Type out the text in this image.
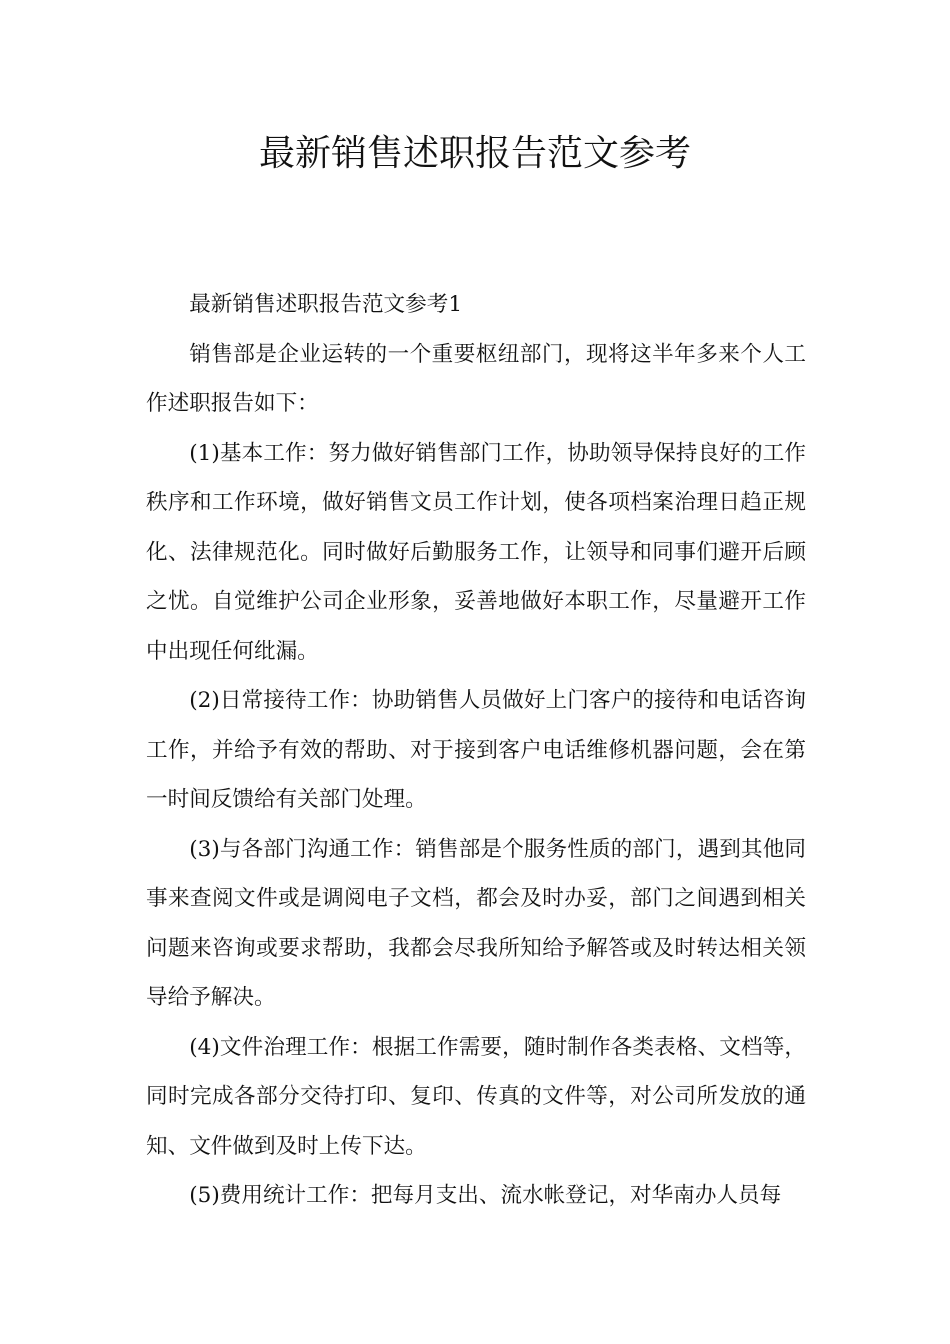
最新销售述职报告范文参考

最新销售述职报告范文参考1

销售部是企业运转的一个重要枢纽部门，现将这半年多来个人工作述职报告如下：

(1)基本工作：努力做好销售部门工作，协助领导保持良好的工作秩序和工作环境，做好销售文员工作计划，使各项档案治理日趋正规化、法律规范化。同时做好后勤服务工作，让领导和同事们避开后顾之忧。自觉维护公司企业形象，妥善地做好本职工作，尽量避开工作中出现任何纰漏。

(2)日常接待工作：协助销售人员做好上门客户的接待和电话咨询工作，并给予有效的帮助、对于接到客户电话维修机器问题，会在第一时间反馈给有关部门处理。

(3)与各部门沟通工作：销售部是个服务性质的部门，遇到其他同事来查阅文件或是调阅电子文档，都会及时办妥，部门之间遇到相关问题来咨询或要求帮助，我都会尽我所知给予解答或及时转达相关领导给予解决。

(4)文件治理工作：根据工作需要，随时制作各类表格、文档等，同时完成各部分交待打印、复印、传真的文件等，对公司所发放的通知、文件做到及时上传下达。

(5)费用统计工作：把每月支出、流水帐登记，对华南办人员每
